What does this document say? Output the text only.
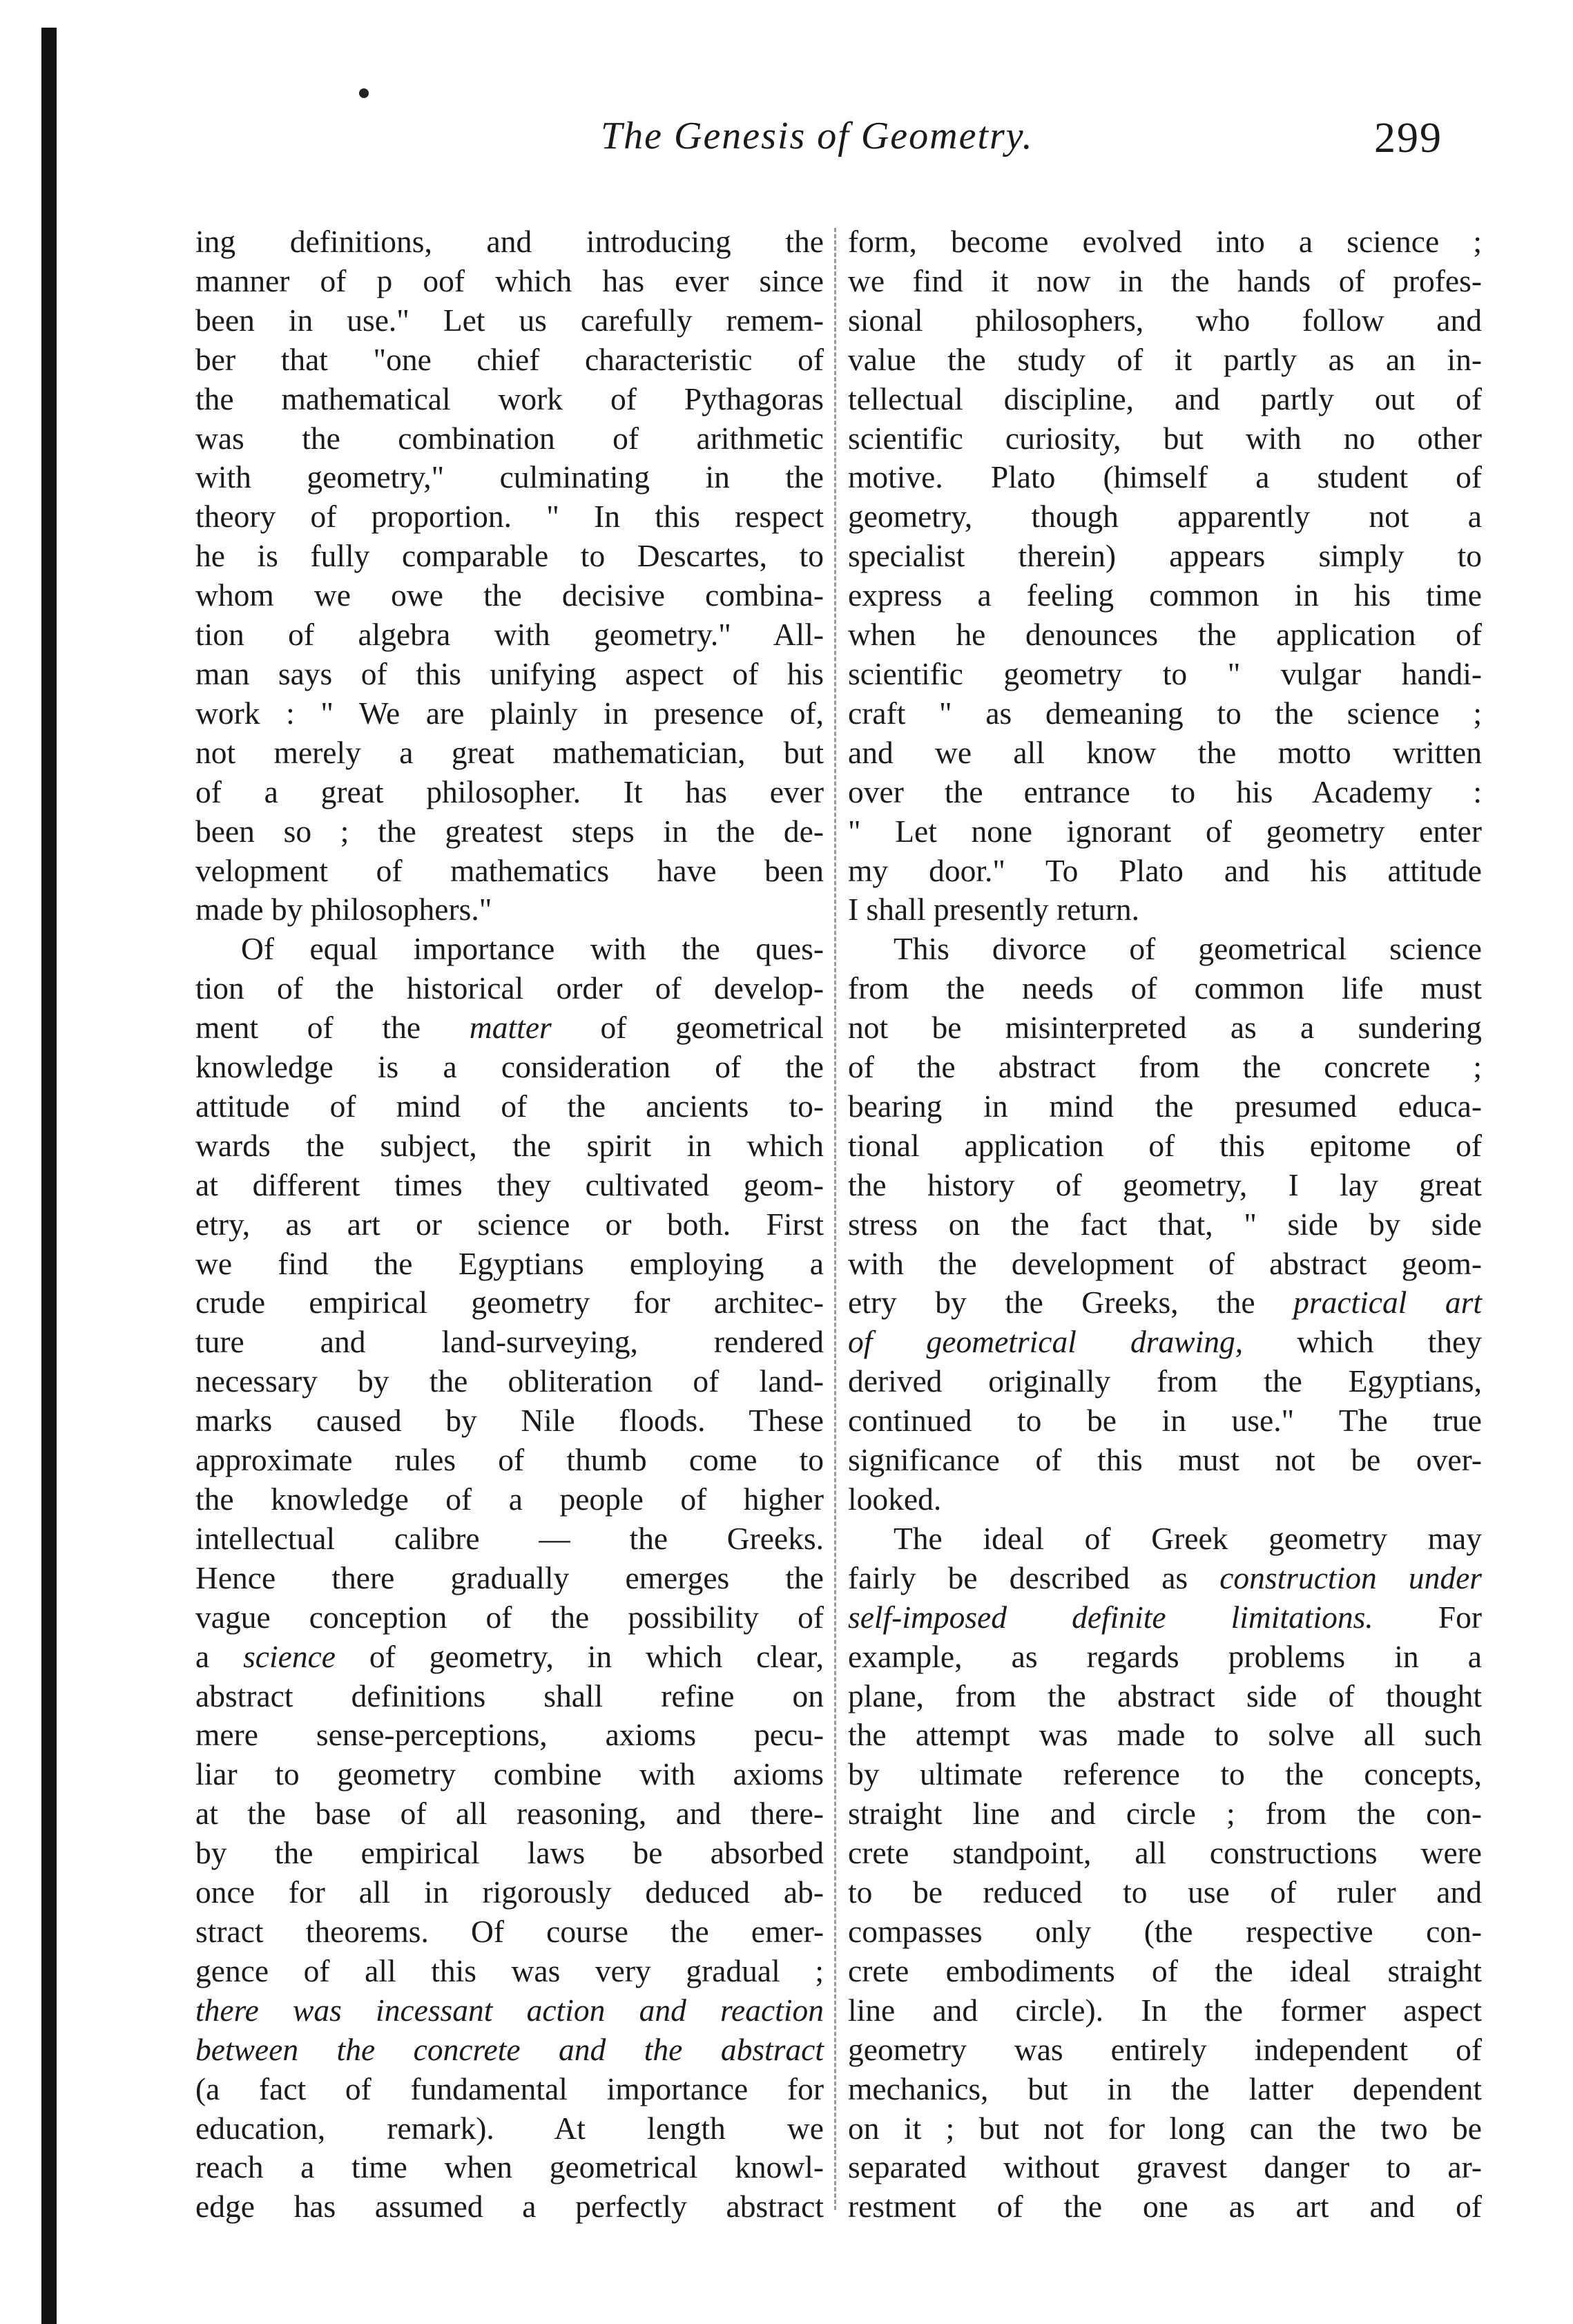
The Genesis of Geometry.	299
ing definitions, and introducing the
manner of p oof which has ever since
been in use." Let us carefully remem-
ber that "one chief characteristic of
the mathematical work of Pythagoras
was the combination of arithmetic
with geometry," culminating in the
theory of proportion. " In this respect
he is fully comparable to Descartes, to
whom we owe the decisive combina-
tion of algebra with geometry." All-
man says of this unifying aspect of his
work : " We are plainly in presence of,
not merely a great mathematician, but
of a great philosopher. It has ever
been so ; the greatest steps in the de-
velopment of mathematics have been
made by philosophers."
Of equal importance with the ques-
tion of the historical order of develop-
ment of the matter of geometrical
knowledge is a consideration of the
attitude of mind of the ancients to-
wards the subject, the spirit in which
at different times they cultivated geom-
etry, as art or science or both. First
we find the Egyptians employing a
crude empirical geometry for architec-
ture and land-surveying, rendered
necessary by the obliteration of land-
marks caused by Nile floods. These
approximate rules of thumb come to
the knowledge of a people of higher
intellectual calibre — the Greeks.
Hence there gradually emerges the
vague conception of the possibility of
a science of geometry, in which clear,
abstract definitions shall refine on
mere sense-perceptions, axioms pecu-
liar to geometry combine with axioms
at the base of all reasoning, and there-
by the empirical laws be absorbed
once for all in rigorously deduced ab-
stract theorems. Of course the emer-
gence of all this was very gradual ;
there was incessant action and reaction
between the concrete and the abstract
(a fact of fundamental importance for
education, remark). At length we
reach a time when geometrical knowl-
edge has assumed a perfectly abstract
form, become evolved into a science ;
we find it now in the hands of profes-
sional philosophers, who follow and
value the study of it partly as an in-
tellectual discipline, and partly out of
scientific curiosity, but with no other
motive. Plato (himself a student of
geometry, though apparently not a
specialist therein) appears simply to
express a feeling common in his time
when he denounces the application of
scientific geometry to " vulgar handi-
craft " as demeaning to the science ;
and we all know the motto written
over the entrance to his Academy :
" Let none ignorant of geometry enter
my door." To Plato and his attitude
I shall presently return.
This divorce of geometrical science
from the needs of common life must
not be misinterpreted as a sundering
of the abstract from the concrete ;
bearing in mind the presumed educa-
tional application of this epitome of
the history of geometry, I lay great
stress on the fact that, " side by side
with the development of abstract geom-
etry by the Greeks, the practical art
of geometrical drawing, which they
derived originally from the Egyptians,
continued to be in use." The true
significance of this must not be over-
looked.
The ideal of Greek geometry may
fairly be described as construction under
self-imposed definite limitations. For
example, as regards problems in a
plane, from the abstract side of thought
the attempt was made to solve all such
by ultimate reference to the concepts,
straight line and circle ; from the con-
crete standpoint, all constructions were
to be reduced to use of ruler and
compasses only (the respective con-
crete embodiments of the ideal straight
line and circle). In the former aspect
geometry was entirely independent of
mechanics, but in the latter dependent
on it ; but not for long can the two be
separated without gravest danger to ar-
restment of the one as art and of
